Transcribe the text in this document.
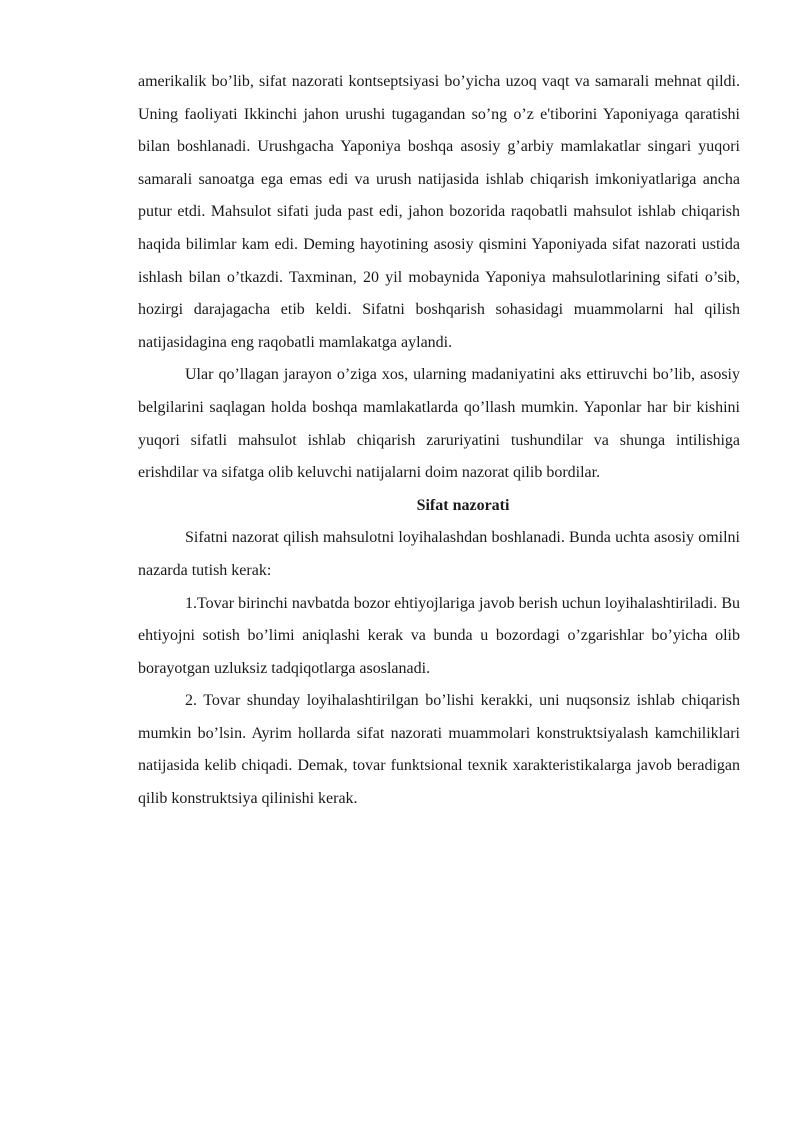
amerikalik bo’lib, sifat nazorati kontseptsiyasi bo’yicha uzoq vaqt va samarali mehnat qildi. Uning faoliyati Ikkinchi jahon urushi tugagandan so’ng o’z e'tiborini Yaponiyaga qaratishi bilan boshlanadi. Urushgacha Yaponiya boshqa asosiy g’arbiy mamlakatlar singari yuqori samarali sanoatga ega emas edi va urush natijasida ishlab chiqarish imkoniyatlariga ancha putur etdi. Mahsulot sifati juda past edi, jahon bozorida raqobatli mahsulot ishlab chiqarish haqida bilimlar kam edi. Deming hayotining asosiy qismini Yaponiyada sifat nazorati ustida ishlash bilan o’tkazdi. Taxminan, 20 yil mobaynida Yaponiya mahsulotlarining sifati o’sib, hozirgi darajagacha etib keldi. Sifatni boshqarish sohasidagi muammolarni hal qilish natijasidagina eng raqobatli mamlakatga aylandi.

Ular qo’llagan jarayon o’ziga xos, ularning madaniyatini aks ettiruvchi bo’lib, asosiy belgilarini saqlagan holda boshqa mamlakatlarda qo’llash mumkin. Yaponlar har bir kishini yuqori sifatli mahsulot ishlab chiqarish zaruriyatini tushundilar va shunga intilishiga erishdilar va sifatga olib keluvchi natijalarni doim nazorat qilib bordilar.

Sifat nazorati

Sifatni nazorat qilish mahsulotni loyihalashdan boshlanadi. Bunda uchta asosiy omilni nazarda tutish kerak:

1.Tovar birinchi navbatda bozor ehtiyojlariga javob berish uchun loyihalashtiriladi. Bu ehtiyojni sotish bo’limi aniqlashi kerak va bunda u bozordagi o’zgarishlar bo’yicha olib borayotgan uzluksiz tadqiqotlarga asoslanadi.

2. Tovar shunday loyihalashtirilgan bo’lishi kerakki, uni nuqsonsiz ishlab chiqarish mumkin bo’lsin. Ayrim hollarda sifat nazorati muammolari konstruktsiyalash kamchiliklari natijasida kelib chiqadi. Demak, tovar funktsional texnik xarakteristikalarga javob beradigan qilib konstruktsiya qilinishi kerak.
